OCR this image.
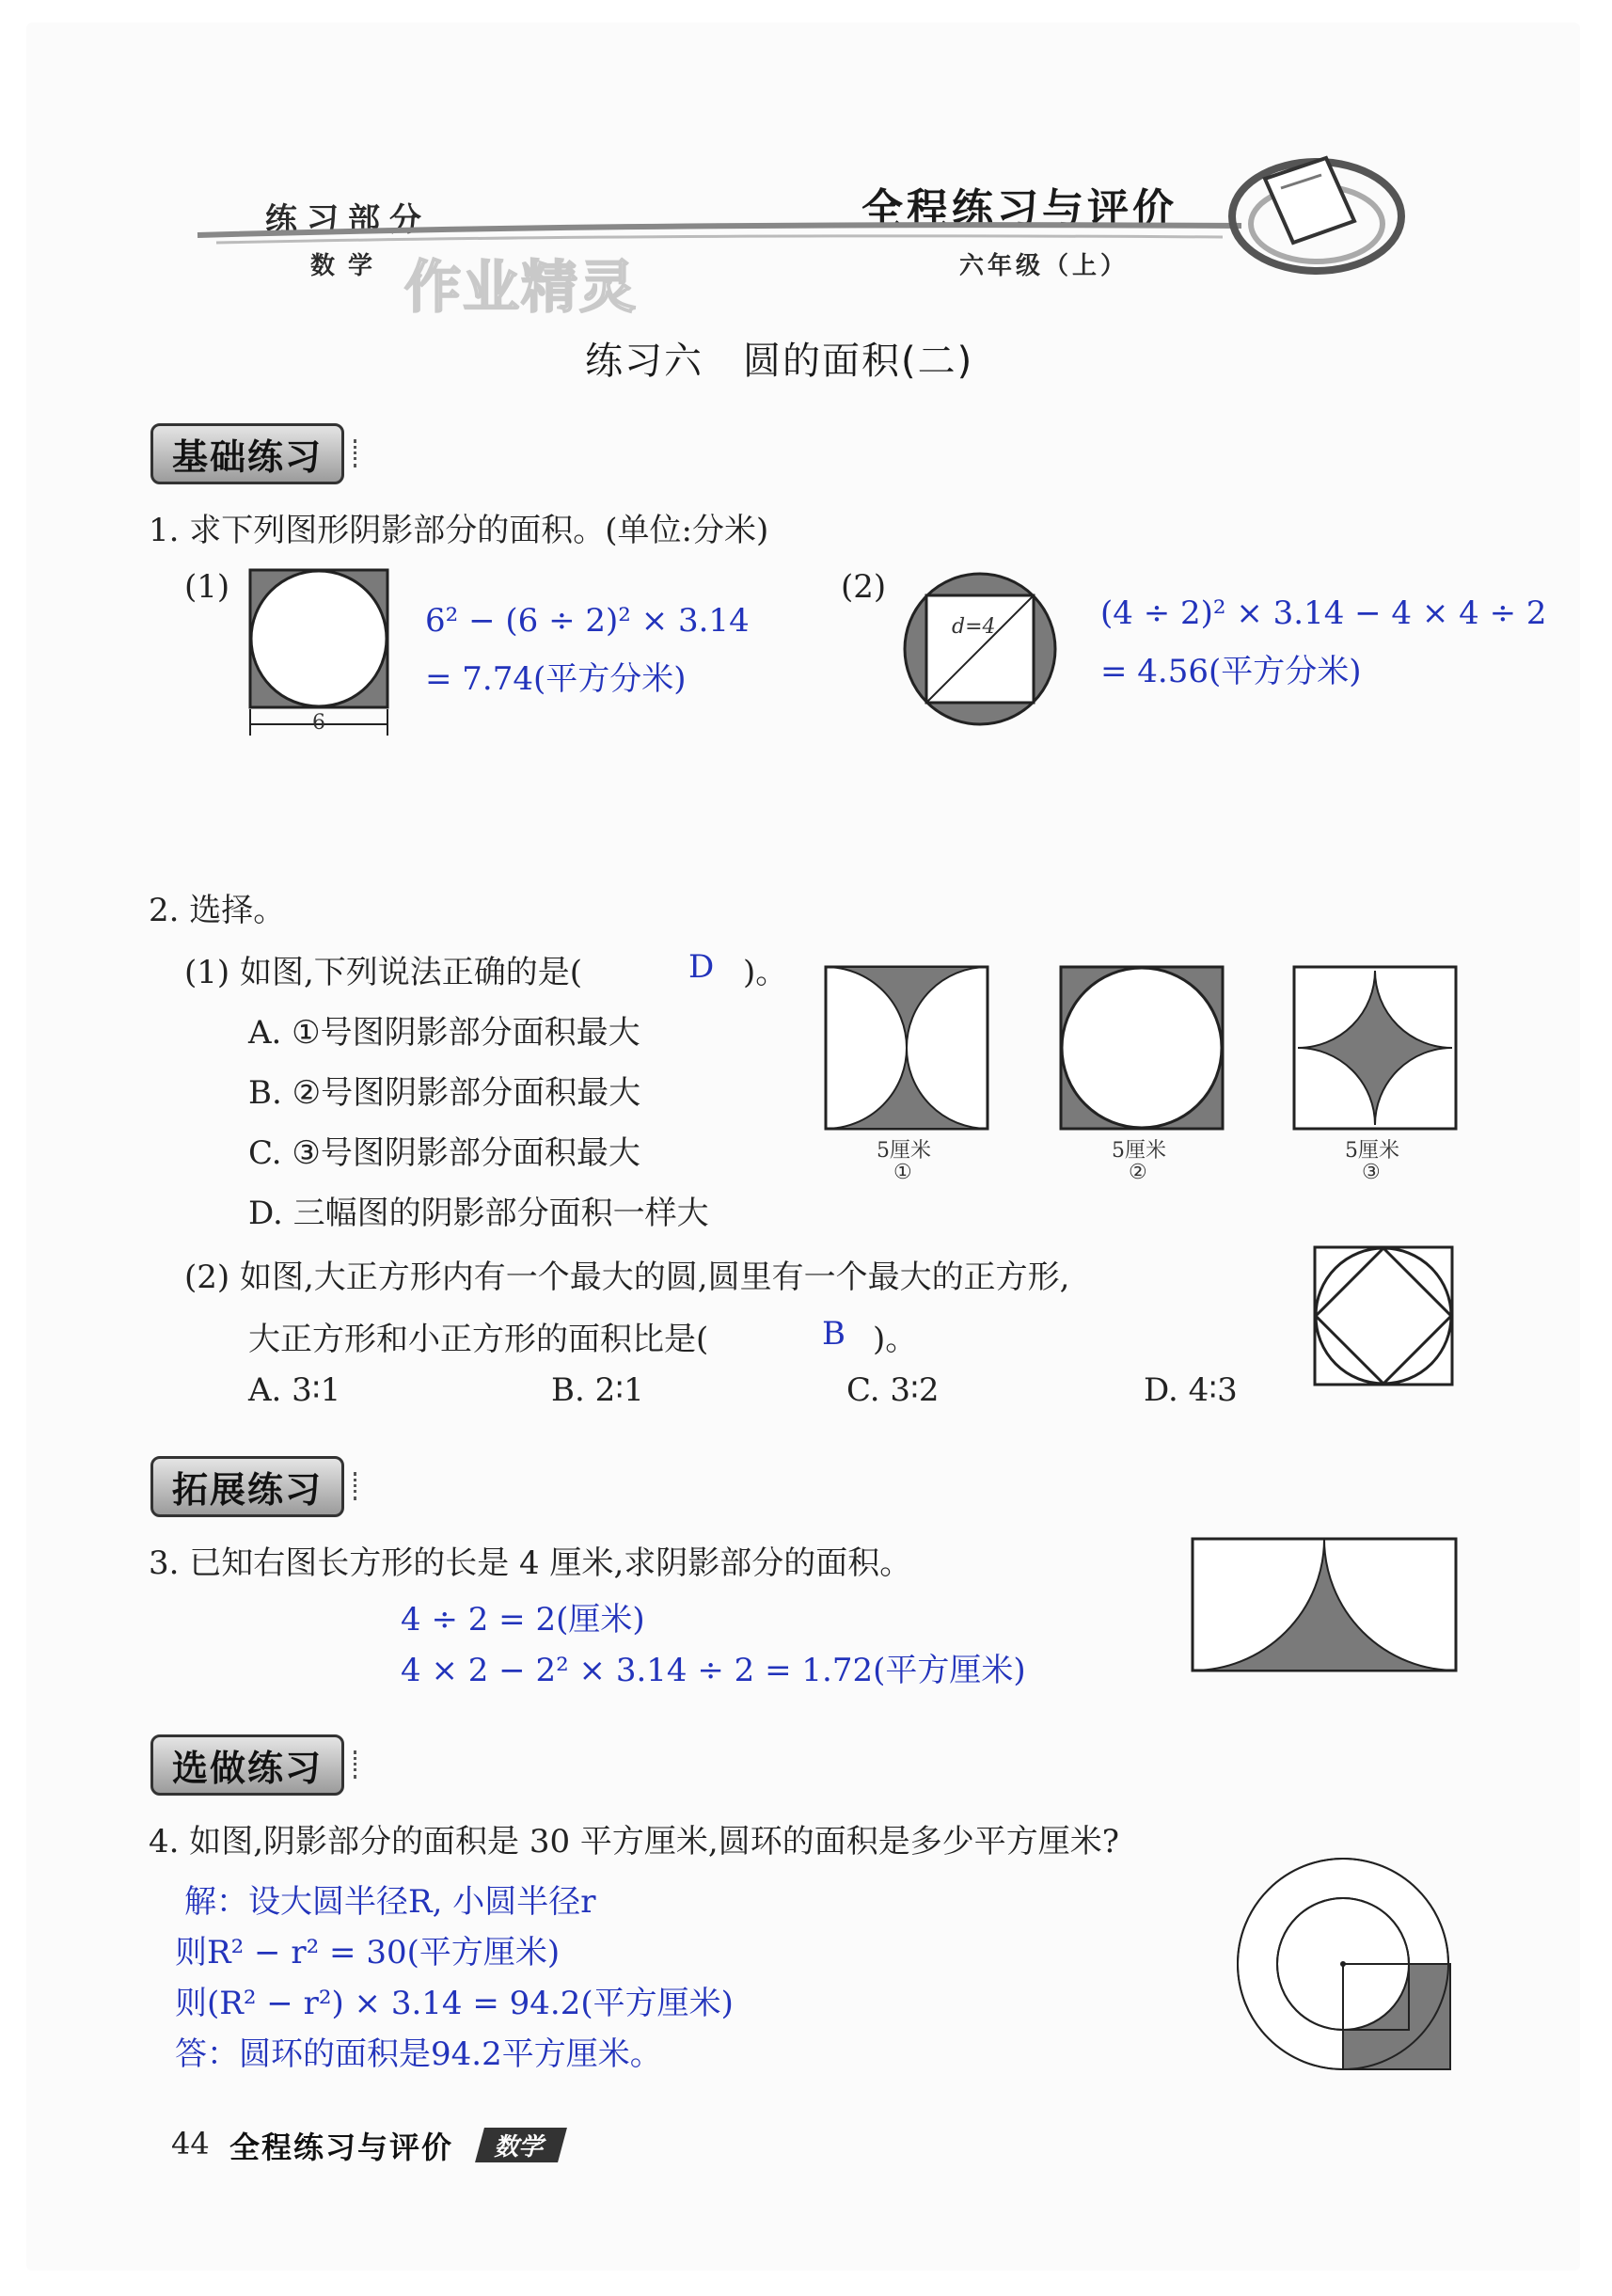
练习部分
数学 作业精灵
全程练习与评价
六年级（上）
练习六　圆的面积(二)
基础练习
1. 求下列图形阴影部分的面积。(单位:分米)
(1)
6
6² − (6 ÷ 2)² × 3.14
= 7.74(平方分米)
(2)
d=4	(4 ÷ 2)² × 3.14 − 4 × 4 ÷ 2
= 4.56(平方分米)
2. 选择。
(1) 如图,下列说法正确的是(	D )。
A. ①号图阴影部分面积最大
B. ②号图阴影部分面积最大
C. ③号图阴影部分面积最大
D. 三幅图的阴影部分面积一样大
5厘米
①
5厘米
②
5厘米
③
(2) 如图,大正方形内有一个最大的圆,圆里有一个最大的正方形,
大正方形和小正方形的面积比是(	B )。
A. 3∶1	B. 2∶1	C. 3∶2	D. 4∶3
拓展练习
3. 已知右图长方形的长是 4 厘米,求阴影部分的面积。
4 ÷ 2 = 2(厘米)
4 × 2 − 2² × 3.14 ÷ 2 = 1.72(平方厘米)
选做练习
4. 如图,阴影部分的面积是 30 平方厘米,圆环的面积是多少平方厘米?
解：设大圆半径R, 小圆半径r
则R² − r² = 30(平方厘米)
则(R² − r²) × 3.14 = 94.2(平方厘米)
答：圆环的面积是94.2平方厘米。
44 全程练习与评价	数学
